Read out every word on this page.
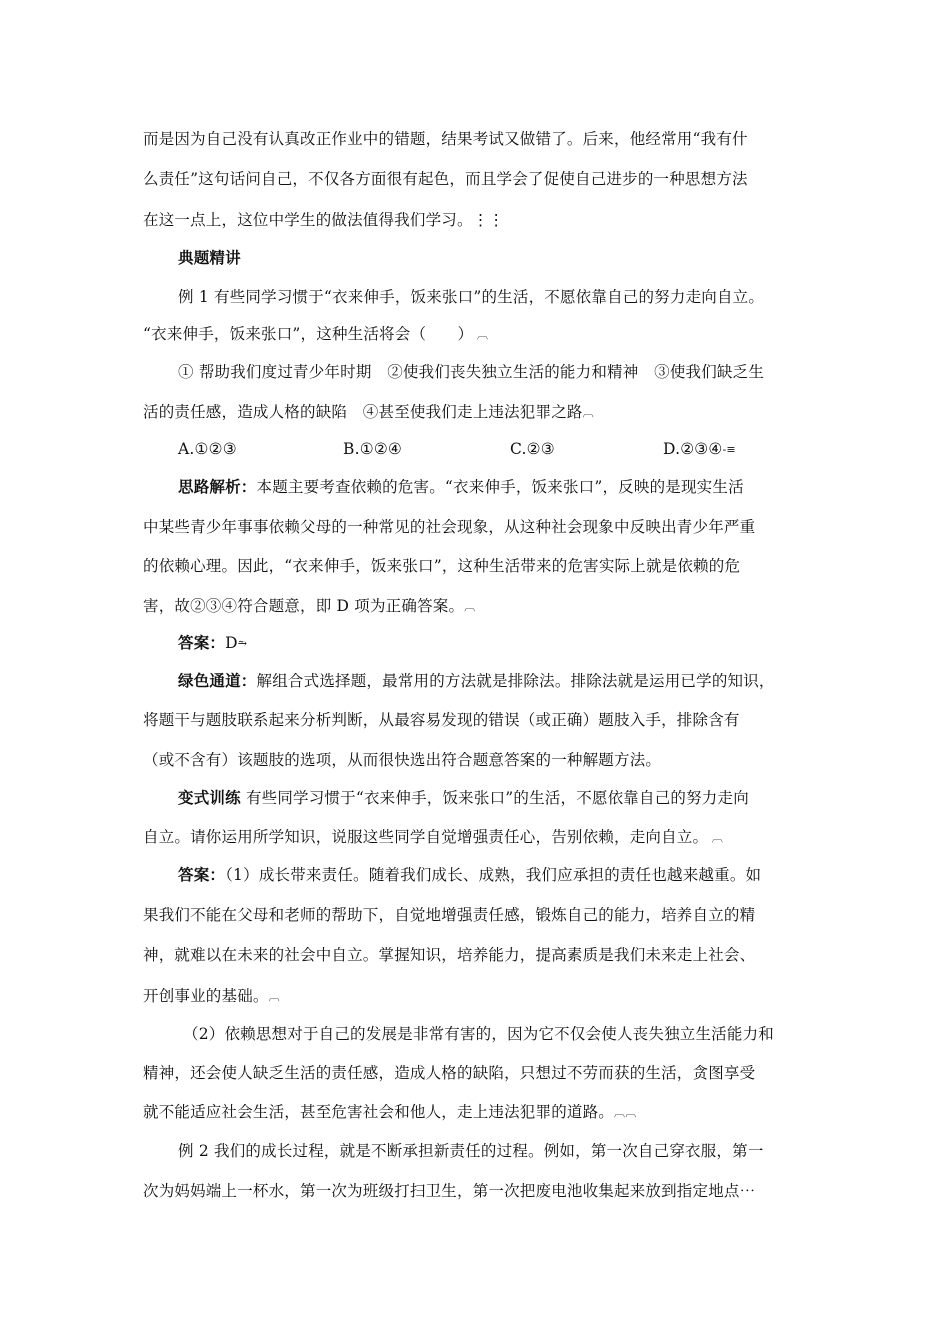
而是因为自己没有认真改正作业中的错题，结果考试又做错了。后来，他经常用“我有什
么责任”这句话问自己，不仅各方面很有起色，而且学会了促使自己进步的一种思想方法
在这一点上，这位中学生的做法值得我们学习。⋮⋮
典题精讲
例 1 有些同学习惯于“衣来伸手，饭来张口”的生活，不愿依靠自己的努力走向自立。
“衣来伸手，饭来张口”，这种生活将会（　　） ︹
① 帮助我们度过青少年时期　②使我们丧失独立生活的能力和精神　③使我们缺乏生
活的责任感，造成人格的缺陷　④甚至使我们走上违法犯罪之路︹
A.①②③	B.①②④	C.②③	D.②③④-≡
思路解析：本题主要考查依赖的危害。“衣来伸手，饭来张口”，反映的是现实生活
中某些青少年事事依赖父母的一种常见的社会现象，从这种社会现象中反映出青少年严重
的依赖心理。因此，“衣来伸手，饭来张口”，这种生活带来的危害实际上就是依赖的危
害，故②③④符合题意，即 D 项为正确答案。︹
答案：D⥲
绿色通道：解组合式选择题，最常用的方法就是排除法。排除法就是运用已学的知识，
将题干与题肢联系起来分析判断，从最容易发现的错误（或正确）题肢入手，排除含有
（或不含有）该题肢的选项，从而很快选出符合题意答案的一种解题方法。
变式训练 有些同学习惯于“衣来伸手，饭来张口”的生活，不愿依靠自己的努力走向
自立。请你运用所学知识，说服这些同学自觉增强责任心，告别依赖，走向自立。 ︹
答案：（1）成长带来责任。随着我们成长、成熟，我们应承担的责任也越来越重。如
果我们不能在父母和老师的帮助下，自觉地增强责任感，锻炼自己的能力，培养自立的精
神，就难以在未来的社会中自立。掌握知识，培养能力，提高素质是我们未来走上社会、
开创事业的基础。︹
（2）依赖思想对于自己的发展是非常有害的，因为它不仅会使人丧失独立生活能力和
精神，还会使人缺乏生活的责任感，造成人格的缺陷，只想过不劳而获的生活，贪图享受
就不能适应社会生活，甚至危害社会和他人，走上违法犯罪的道路。︹︹
例 2 我们的成长过程，就是不断承担新责任的过程。例如，第一次自己穿衣服，第一
次为妈妈端上一杯水，第一次为班级打扫卫生，第一次把废电池收集起来放到指定地点⋯
